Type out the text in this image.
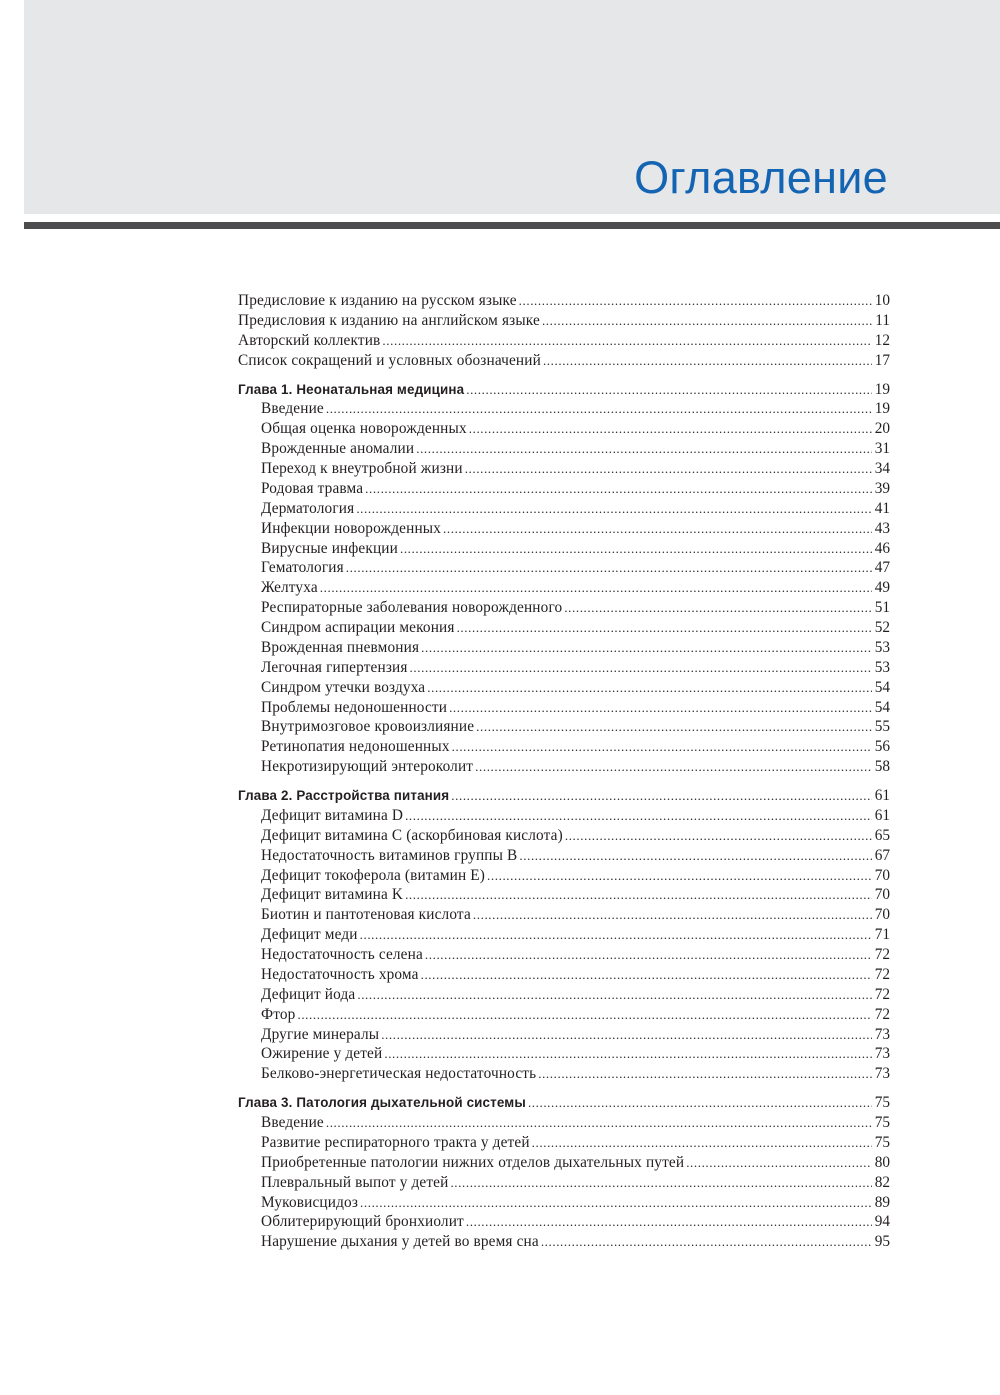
Оглавление
Предисловие к изданию на русском языке .....	10
Предисловия к изданию на английском языке .....	11
Авторский коллектив .....	12
Список сокращений и условных обозначений .....	17
Глава 1. Неонатальная медицина .....	19
Введение .....	19
Общая оценка новорожденных .....	20
Врожденные аномалии .....	31
Переход к внеутробной жизни .....	34
Родовая травма .....	39
Дерматология .....	41
Инфекции новорожденных .....	43
Вирусные инфекции .....	46
Гематология .....	47
Желтуха .....	49
Респираторные заболевания новорожденного .....	51
Синдром аспирации мекония .....	52
Врожденная пневмония .....	53
Легочная гипертензия .....	53
Синдром утечки воздуха .....	54
Проблемы недоношенности .....	54
Внутримозговое кровоизлияние .....	55
Ретинопатия недоношенных .....	56
Некротизирующий энтероколит .....	58
Глава 2. Расстройства питания .....	61
Дефицит витамина D .....	61
Дефицит витамина С (аскорбиновая кислота) .....	65
Недостаточность витаминов группы В .....	67
Дефицит токоферола (витамин Е) .....	70
Дефицит витамина K .....	70
Биотин и пантотеновая кислота .....	70
Дефицит меди .....	71
Недостаточность селена .....	72
Недостаточность хрома .....	72
Дефицит йода .....	72
Фтор .....	72
Другие минералы .....	73
Ожирение у детей .....	73
Белково-энергетическая недостаточность .....	73
Глава 3. Патология дыхательной системы .....	75
Введение .....	75
Развитие респираторного тракта у детей .....	75
Приобретенные патологии нижних отделов дыхательных путей .....	80
Плевральный выпот у детей .....	82
Муковисцидоз .....	89
Облитерирующий бронхиолит .....	94
Нарушение дыхания у детей во время сна .....	95
